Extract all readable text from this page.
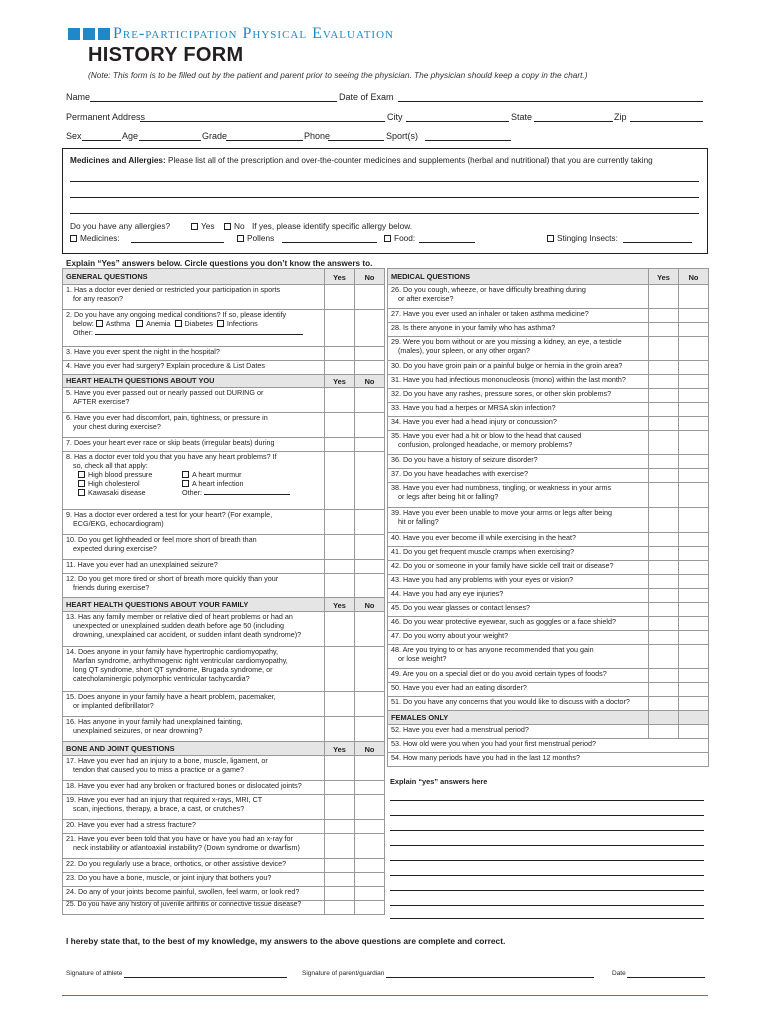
Pre-participation Physical Evaluation
HISTORY FORM
(Note: This form is to be filled out by the patient and parent prior to seeing the physician. The physician should keep a copy in the chart.)
Name	Date of Exam
Permanent Address	City	State	Zip
Sex	Age	Grade	Phone	Sport(s)
Medicines and Allergies: Please list all of the prescription and over-the-counter medicines and supplements (herbal and nutritional) that you are currently taking
Do you have any allergies?	Yes	No If yes, please identify specific allergy below.
Medicines:	Pollens	Food:	Stinging Insects:
Explain “Yes” answers below. Circle questions you don’t know the answers to.
GENERAL QUESTIONS	Yes	No
1. Has a doctor ever denied or restricted your participation in sports
for any reason?		

2. Do you have any ongoing medical conditions? If so, please identify
below: Asthma Anemia Diabetes Infections
Other:		

3. Have you ever spent the night in the hospital?		
4. Have you ever had surgery? Explain procedure & List Dates		
HEART HEALTH QUESTIONS ABOUT YOU	Yes	No
5. Have you ever passed out or nearly passed out DURING or
AFTER exercise?		

6. Have you ever had discomfort, pain, tightness, or pressure in
your chest during exercise?		

7. Does your heart ever race or skip beats (irregular beats) during		
8. Has a doctor ever told you that you have any heart problems? If
so, check all that apply:
High blood pressure A heart murmur
High cholesterol A heart infection
Kawasaki disease Other:		

9. Has a doctor ever ordered a test for your heart? (For example,
ECG/EKG, echocardiogram)		

10. Do you get lightheaded or feel more short of breath than
expected during exercise?		

11. Have you ever had an unexplained seizure?		
12. Do you get more tired or short of breath more quickly than your
friends during exercise?		

HEART HEALTH QUESTIONS ABOUT YOUR FAMILY	Yes	No
13. Has any family member or relative died of heart problems or had an
unexpected or unexplained sudden death before age 50 (including
drowning, unexplained car accident, or sudden infant death syndrome)?		

14. Does anyone in your family have hypertrophic cardiomyopathy,
Marfan syndrome, arrhythmogenic right ventricular cardiomyopathy,
long QT syndrome, short QT syndrome, Brugada syndrome, or
catecholaminergic polymorphic ventricular tachycardia?		

15. Does anyone in your family have a heart problem, pacemaker,
or implanted defibrillator?		

16. Has anyone in your family had unexplained fainting,
unexplained seizures, or near drowning?		

BONE AND JOINT QUESTIONS	Yes	No
17. Have you ever had an injury to a bone, muscle, ligament, or
tendon that caused you to miss a practice or a game?		

18. Have you ever had any broken or fractured bones or dislocated joints?		
19. Have you ever had an injury that required x-rays, MRI, CT
scan, injections, therapy, a brace, a cast, or crutches?		

20. Have you ever had a stress fracture?		
21. Have you ever been told that you have or have you had an x-ray for
neck instability or atlantoaxial instability? (Down syndrome or dwarfism)		

22. Do you regularly use a brace, orthotics, or other assistive device?		
23. Do you have a bone, muscle, or joint injury that bothers you?		
24. Do any of your joints become painful, swollen, feel warm, or look red?		
25. Do you have any history of juvenile arthritis or connective tissue disease?		
MEDICAL QUESTIONS	Yes	No
26. Do you cough, wheeze, or have difficulty breathing during
or after exercise?		

27. Have you ever used an inhaler or taken asthma medicine?		
28. Is there anyone in your family who has asthma?		
29. Were you born without or are you missing a kidney, an eye, a testicle
(males), your spleen, or any other organ?		

30. Do you have groin pain or a painful bulge or hernia in the groin area?		
31. Have you had infectious mononucleosis (mono) within the last month?		
32. Do you have any rashes, pressure sores, or other skin problems?		
33. Have you had a herpes or MRSA skin infection?		
34. Have you ever had a head injury or concussion?		
35. Have you ever had a hit or blow to the head that caused
confusion, prolonged headache, or memory problems?		

36. Do you have a history of seizure disorder?		
37. Do you have headaches with exercise?		
38. Have you ever had numbness, tingling, or weakness in your arms
or legs after being hit or falling?		

39. Have you ever been unable to move your arms or legs after being
hit or falling?		

40. Have you ever become ill while exercising in the heat?		
41. Do you get frequent muscle cramps when exercising?		
42. Do you or someone in your family have sickle cell trait or disease?		
43. Have you had any problems with your eyes or vision?		
44. Have you had any eye injuries?		
45. Do you wear glasses or contact lenses?		
46. Do you wear protective eyewear, such as goggles or a face shield?		
47. Do you worry about your weight?		
48. Are you trying to or has anyone recommended that you gain
or lose weight?		

49. Are you on a special diet or do you avoid certain types of foods?		
50. Have you ever had an eating disorder?		
51. Do you have any concerns that you would like to discuss with a doctor?		
FEMALES ONLY		
52. Have you ever had a menstrual period?		
53. How old were you when you had your first menstrual period?		
54. How many periods have you had in the last 12 months?		
Explain “yes” answers here
I hereby state that, to the best of my knowledge, my answers to the above questions are complete and correct.
Signature of athlete	Signature of parent/guardian	Date
